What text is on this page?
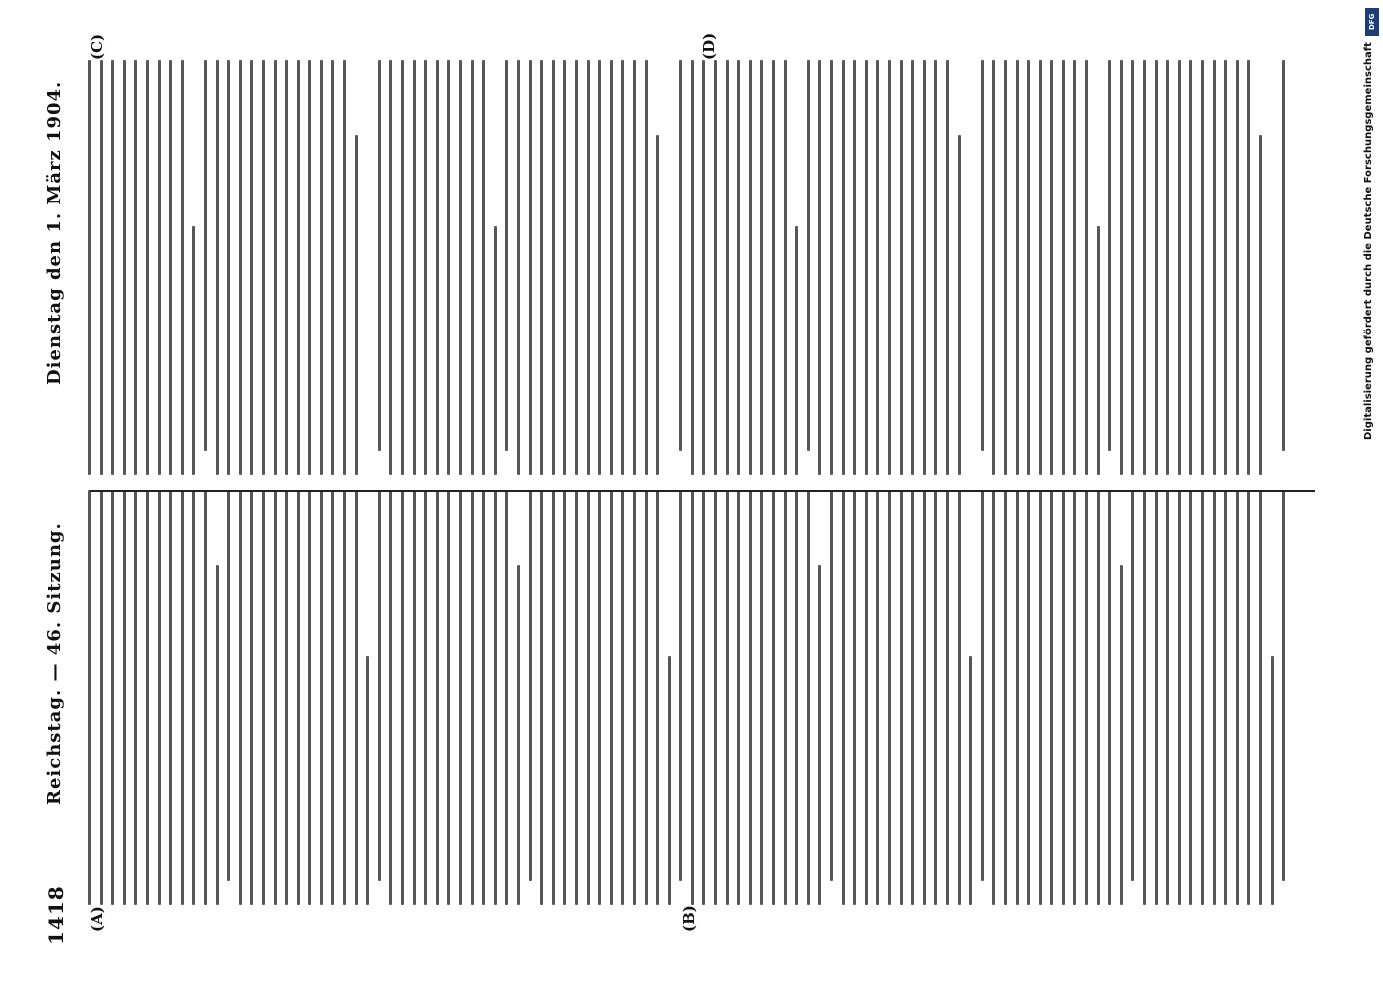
1418
Reichstag. — 46. Sitzung.
Dienstag den 1. März 1904.
(A)	(B)
(C)	(D)
DFG
Digitalisierung gefördert durch die Deutsche Forschungsgemeinschaft
